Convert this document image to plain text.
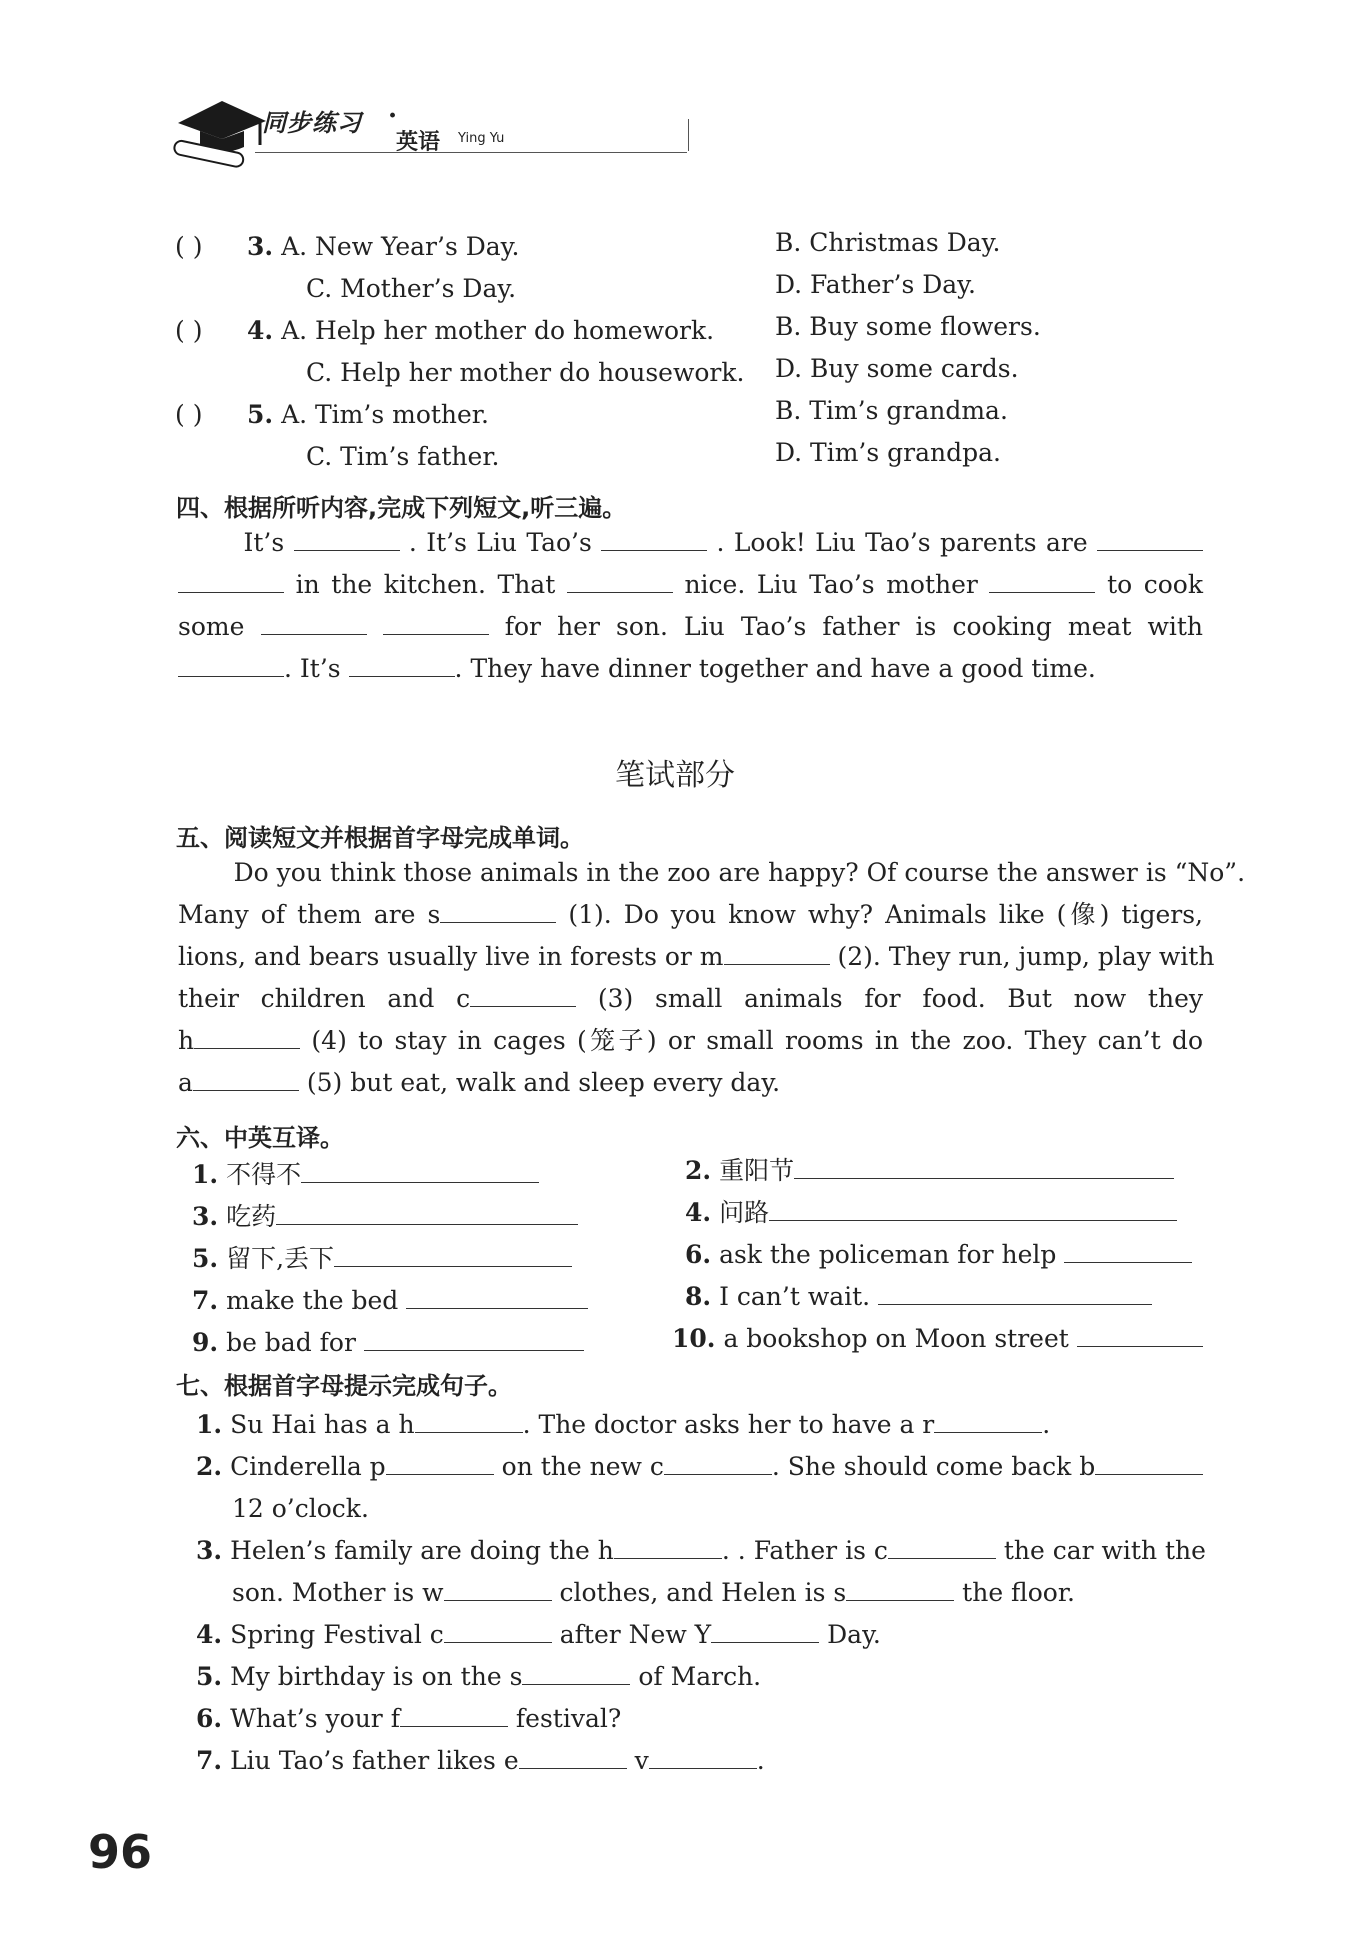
同步练习 ·
英语 Ying Yu
( ) 3. A. New Year’s Day.	B. Christmas Day.
C. Mother’s Day.	D. Father’s Day.
( ) 4. A. Help her mother do homework. B. Buy some flowers.
C. Help her mother do housework. D. Buy some cards.
( ) 5. A. Tim’s mother.	B. Tim’s grandma.
C. Tim’s father.	D. Tim’s grandpa.
四、根据所听内容,完成下列短文,听三遍。
It’s	. It’s Liu Tao’s	. Look! Liu Tao’s parents are
in the kitchen. That	nice. Liu Tao’s mother	to cook
some	for her son. Liu Tao’s father is cooking meat with
. It’s	. They have dinner together and have a good time.
笔试部分
五、阅读短文并根据首字母完成单词。
Do you think those animals in the zoo are happy? Of course the answer is “No”.
Many of them are s	(1). Do you know why? Animals like (像) tigers,
lions, and bears usually live in forests or m	(2). They run, jump, play with
their children and c	(3) small animals for food. But now they
h	(4) to stay in cages (笼子) or small rooms in the zoo. They can’t do
a	(5) but eat, walk and sleep every day.
六、中英互译。
1. 不得不	2. 重阳节
3. 吃药	4. 问路
5. 留下,丢下	6. ask the policeman for help
7. make the bed	8. I can’t wait.
9. be bad for	10. a bookshop on Moon street
七、根据首字母提示完成句子。
1. Su Hai has a h	. The doctor asks her to have a r	.
2. Cinderella p	on the new c	. She should come back b
12 o’clock.
3. Helen’s family are doing the h	. . Father is c	the car with the
son. Mother is w	clothes, and Helen is s	the floor.
4. Spring Festival c	after New Y	Day.
5. My birthday is on the s	of March.
6. What’s your f	festival?
7. Liu Tao’s father likes e	v	.
96
